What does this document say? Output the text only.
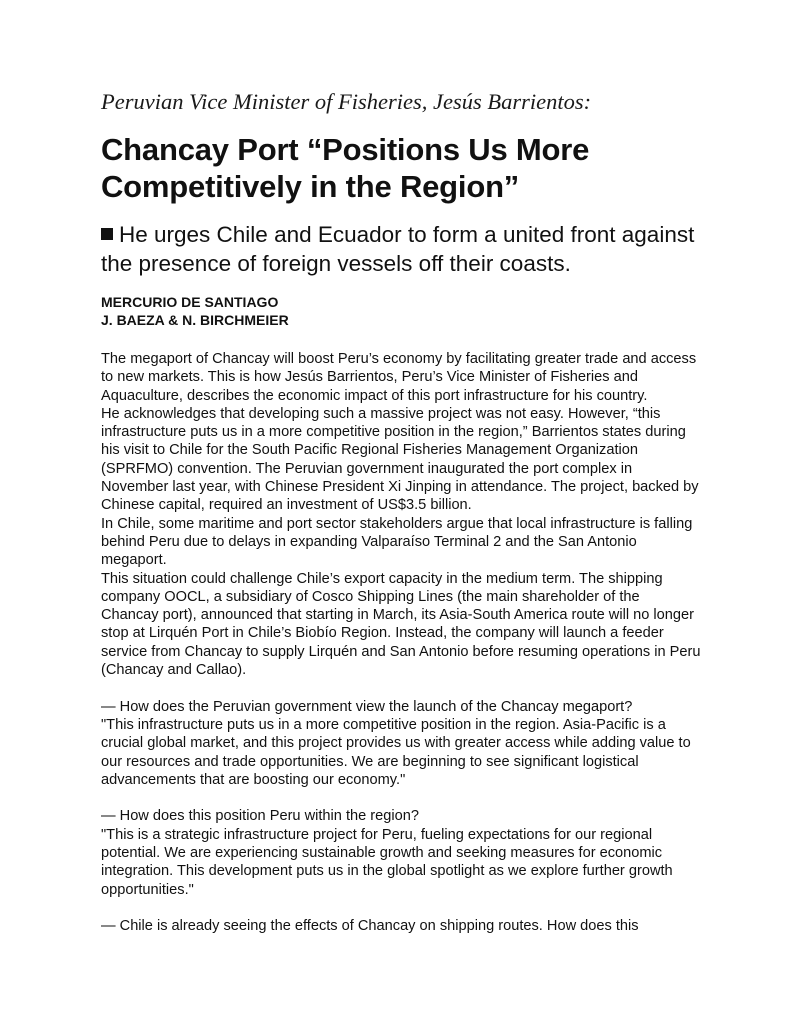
Peruvian Vice Minister of Fisheries, Jesús Barrientos:
Chancay Port “Positions Us More Competitively in the Region”
He urges Chile and Ecuador to form a united front against the presence of foreign vessels off their coasts.
MERCURIO DE SANTIAGO
J. BAEZA & N. BIRCHMEIER

The megaport of Chancay will boost Peru’s economy by facilitating greater trade and access to new markets. This is how Jesús Barrientos, Peru’s Vice Minister of Fisheries and Aquaculture, describes the economic impact of this port infrastructure for his country.

He acknowledges that developing such a massive project was not easy. However, “this infrastructure puts us in a more competitive position in the region,” Barrientos states during his visit to Chile for the South Pacific Regional Fisheries Management Organization (SPRFMO) convention. The Peruvian government inaugurated the port complex in November last year, with Chinese President Xi Jinping in attendance. The project, backed by Chinese capital, required an investment of US$3.5 billion.

In Chile, some maritime and port sector stakeholders argue that local infrastructure is falling behind Peru due to delays in expanding Valparaíso Terminal 2 and the San Antonio megaport.

This situation could challenge Chile’s export capacity in the medium term. The shipping company OOCL, a subsidiary of Cosco Shipping Lines (the main shareholder of the Chancay port), announced that starting in March, its Asia-South America route will no longer stop at Lirquén Port in Chile’s Biobío Region. Instead, the company will launch a feeder service from Chancay to supply Lirquén and San Antonio before resuming operations in Peru (Chancay and Callao).

— How does the Peruvian government view the launch of the Chancay megaport?

"This infrastructure puts us in a more competitive position in the region. Asia-Pacific is a crucial global market, and this project provides us with greater access while adding value to our resources and trade opportunities. We are beginning to see significant logistical advancements that are boosting our economy."

— How does this position Peru within the region?

"This is a strategic infrastructure project for Peru, fueling expectations for our regional potential. We are experiencing sustainable growth and seeking measures for economic integration. This development puts us in the global spotlight as we explore further growth opportunities."

— Chile is already seeing the effects of Chancay on shipping routes. How does this
